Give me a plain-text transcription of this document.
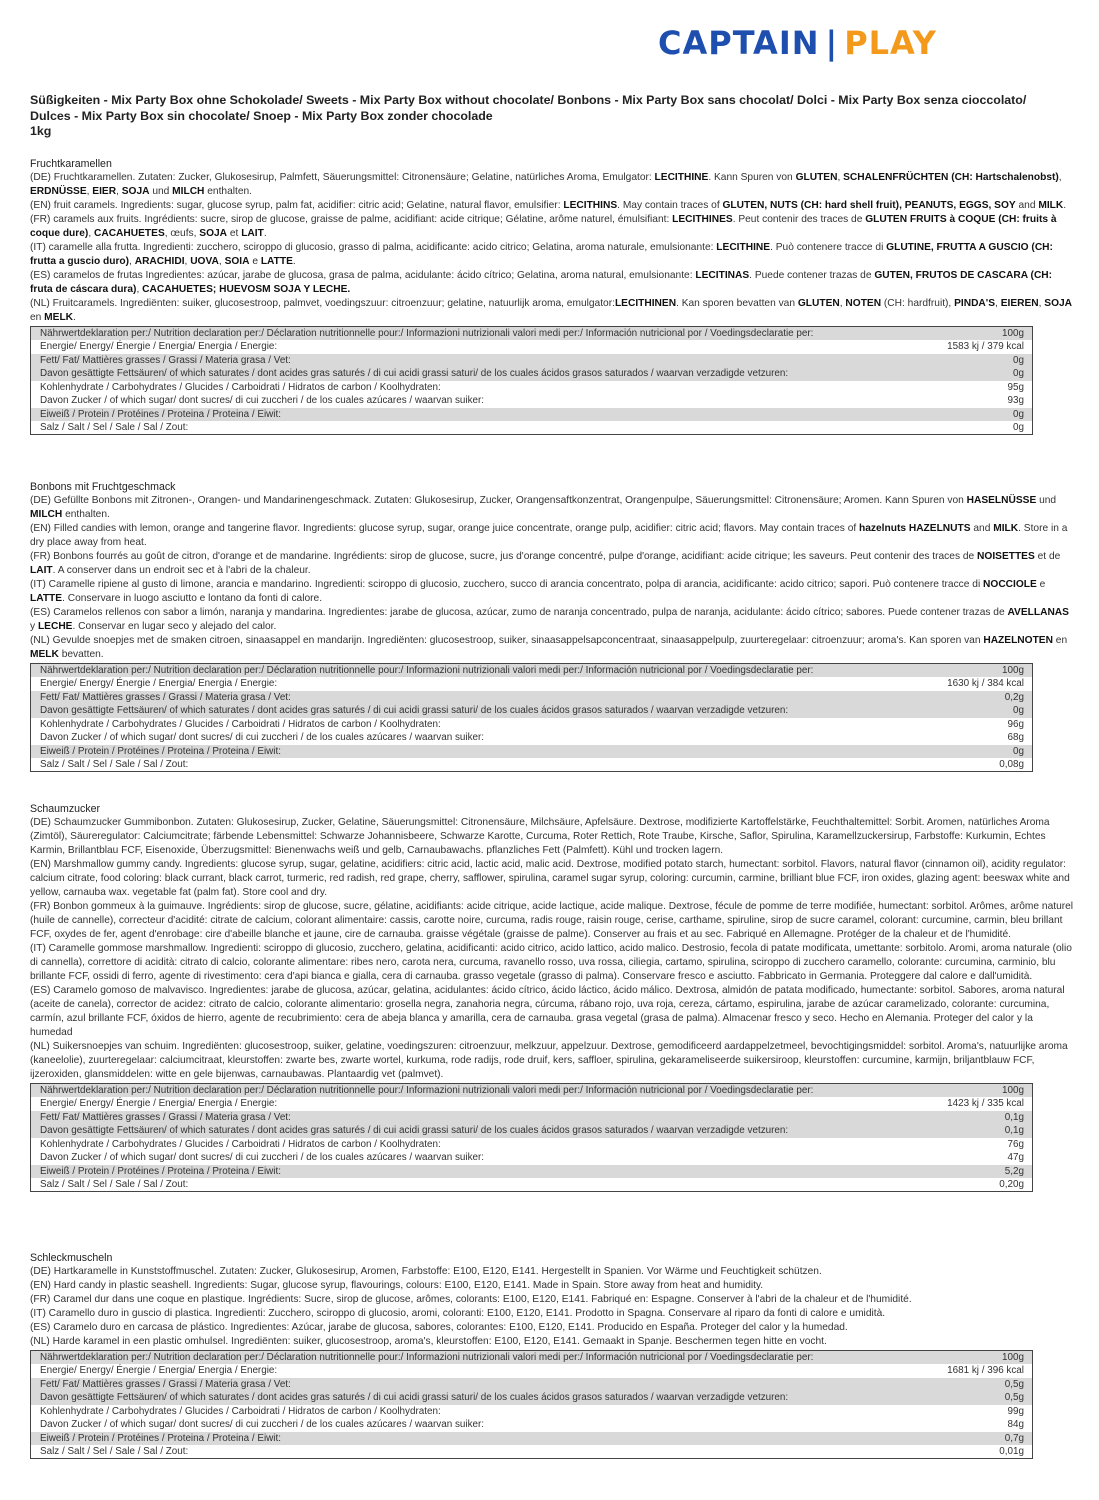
CAPTAIN | PLAY
Süßigkeiten - Mix Party Box ohne Schokolade/ Sweets - Mix Party Box without chocolate/ Bonbons - Mix Party Box sans chocolat/ Dolci - Mix Party Box senza cioccolato/ Dulces - Mix Party Box sin chocolate/ Snoep - Mix Party Box zonder chocolade
1kg
Fruchtkaramellen
(DE) Fruchtkaramellen. Zutaten: Zucker, Glukosesirup, Palmfett, Säuerungsmittel: Citronensäure; Gelatine, natürliches Aroma, Emulgator: LECITHINE. Kann Spuren von GLUTEN, SCHALENFRÜCHTEN (CH: Hartschalenobst), ERDNÜSSE, EIER, SOJA und MILCH enthalten.
(EN) fruit caramels. Ingredients: sugar, glucose syrup, palm fat, acidifier: citric acid; Gelatine, natural flavor, emulsifier: LECITHINS. May contain traces of GLUTEN, NUTS (CH: hard shell fruit), PEANUTS, EGGS, SOY and MILK.
(FR) caramels aux fruits. Ingrédients: sucre, sirop de glucose, graisse de palme, acidifiant: acide citrique; Gélatine, arôme naturel, émulsifiant: LECITHINES. Peut contenir des traces de GLUTEN FRUITS à COQUE (CH: fruits à coque dure), CACAHUETES, œufs, SOJA et LAIT.
(IT) caramelle alla frutta. Ingredienti: zucchero, sciroppo di glucosio, grasso di palma, acidificante: acido citrico; Gelatina, aroma naturale, emulsionante: LECITHINE. Può contenere tracce di GLUTINE, FRUTTA A GUSCIO (CH: frutta a guscio duro), ARACHIDI, UOVA, SOIA e LATTE.
(ES) caramelos de frutas Ingredientes: azúcar, jarabe de glucosa, grasa de palma, acidulante: ácido cítrico; Gelatina, aroma natural, emulsionante: LECITINAS. Puede contener trazas de GUTEN, FRUTOS DE CASCARA (CH: fruta de cáscara dura), CACAHUETES; HUEVOSM SOJA Y LECHE.
(NL) Fruitcaramels. Ingrediënten: suiker, glucosestroop, palmvet, voedingszuur: citroenzuur; gelatine, natuurlijk aroma, emulgator:LECITHINEN. Kan sporen bevatten van GLUTEN, NOTEN (CH: hardfruit), PINDA'S, EIEREN, SOJA en MELK.
Nährwertdeklaration per:/ Nutrition declaration per:/ Déclaration nutritionnelle pour:/ Informazioni nutrizionali valori medi per:/ Información nutricional por / Voedingsdeclaratie per:	100g
Energie/ Energy/ Énergie / Energia/ Energia / Energie:	1583 kj / 379 kcal
Fett/ Fat/ Mattières grasses / Grassi / Materia grasa / Vet:	0g
Davon gesättigte Fettsäuren/ of which saturates / dont acides gras saturés / di cui acidi grassi saturi/ de los cuales ácidos grasos saturados / waarvan verzadigde vetzuren:	0g
Kohlenhydrate / Carbohydrates / Glucides / Carboidrati / Hidratos de carbon / Koolhydraten:	95g
Davon Zucker / of which sugar/ dont sucres/ di cui zuccheri / de los cuales azúcares / waarvan suiker:	93g
Eiweiß / Protein / Protéines / Proteina / Proteina / Eiwit:	0g
Salz / Salt / Sel / Sale / Sal / Zout:	0g
Bonbons mit Fruchtgeschmack
(DE) Gefüllte Bonbons mit Zitronen-, Orangen- und Mandarinengeschmack. Zutaten: Glukosesirup, Zucker, Orangensaftkonzentrat, Orangenpulpe, Säuerungsmittel: Citronensäure; Aromen. Kann Spuren von HASELNÜSSE und MILCH enthalten.
(EN) Filled candies with lemon, orange and tangerine flavor. Ingredients: glucose syrup, sugar, orange juice concentrate, orange pulp, acidifier: citric acid; flavors. May contain traces of hazelnuts HAZELNUTS and MILK. Store in a dry place away from heat.
(FR) Bonbons fourrés au goût de citron, d'orange et de mandarine. Ingrédients: sirop de glucose, sucre, jus d'orange concentré, pulpe d'orange, acidifiant: acide citrique; les saveurs. Peut contenir des traces de NOISETTES et de LAIT. A conserver dans un endroit sec et à l'abri de la chaleur.
(IT) Caramelle ripiene al gusto di limone, arancia e mandarino. Ingredienti: sciroppo di glucosio, zucchero, succo di arancia concentrato, polpa di arancia, acidificante: acido citrico; sapori. Può contenere tracce di NOCCIOLE e LATTE. Conservare in luogo asciutto e lontano da fonti di calore.
(ES) Caramelos rellenos con sabor a limón, naranja y mandarina. Ingredientes: jarabe de glucosa, azúcar, zumo de naranja concentrado, pulpa de naranja, acidulante: ácido cítrico; sabores. Puede contener trazas de AVELLANAS y LECHE. Conservar en lugar seco y alejado del calor.
(NL) Gevulde snoepjes met de smaken citroen, sinaasappel en mandarijn. Ingrediënten: glucosestroop, suiker, sinaasappelsapconcentraat, sinaasappelpulp, zuurteregelaar: citroenzuur; aroma's. Kan sporen van HAZELNOTEN en MELK bevatten.
Nährwertdeklaration per:/ Nutrition declaration per:/ Déclaration nutritionnelle pour:/ Informazioni nutrizionali valori medi per:/ Información nutricional por / Voedingsdeclaratie per:	100g
Energie/ Energy/ Énergie / Energia/ Energia / Energie:	1630 kj / 384 kcal
Fett/ Fat/ Mattières grasses / Grassi / Materia grasa / Vet:	0,2g
Davon gesättigte Fettsäuren/ of which saturates / dont acides gras saturés / di cui acidi grassi saturi/ de los cuales ácidos grasos saturados / waarvan verzadigde vetzuren:	0g
Kohlenhydrate / Carbohydrates / Glucides / Carboidrati / Hidratos de carbon / Koolhydraten:	96g
Davon Zucker / of which sugar/ dont sucres/ di cui zuccheri / de los cuales azúcares / waarvan suiker:	68g
Eiweiß / Protein / Protéines / Proteina / Proteina / Eiwit:	0g
Salz / Salt / Sel / Sale / Sal / Zout:	0,08g
Schaumzucker
(DE) Schaumzucker Gummibonbon. Zutaten: Glukosesirup, Zucker, Gelatine, Säuerungsmittel: Citronensäure, Milchsäure, Apfelsäure. Dextrose, modifizierte Kartoffelstärke, Feuchthaltemittel: Sorbit. Aromen, natürliches Aroma (Zimtöl), Säureregulator: Calciumcitrate; färbende Lebensmittel: Schwarze Johannisbeere, Schwarze Karotte, Curcuma, Roter Rettich, Rote Traube, Kirsche, Saflor, Spirulina, Karamellzuckersirup, Farbstoffe: Kurkumin, Echtes Karmin, Brillantblau FCF, Eisenoxide, Überzugsmittel: Bienenwachs weiß und gelb, Carnaubawachs. pflanzliches Fett (Palmfett). Kühl und trocken lagern.
(EN) Marshmallow gummy candy. Ingredients: glucose syrup, sugar, gelatine, acidifiers: citric acid, lactic acid, malic acid. Dextrose, modified potato starch, humectant: sorbitol. Flavors, natural flavor (cinnamon oil), acidity regulator: calcium citrate, food coloring: black currant, black carrot, turmeric, red radish, red grape, cherry, safflower, spirulina, caramel sugar syrup, coloring: curcumin, carmine, brilliant blue FCF, iron oxides, glazing agent: beeswax white and yellow, carnauba wax. vegetable fat (palm fat). Store cool and dry.
(FR) Bonbon gommeux à la guimauve. Ingrédients: sirop de glucose, sucre, gélatine, acidifiants: acide citrique, acide lactique, acide malique. Dextrose, fécule de pomme de terre modifiée, humectant: sorbitol. Arômes, arôme naturel (huile de cannelle), correcteur d'acidité: citrate de calcium, colorant alimentaire: cassis, carotte noire, curcuma, radis rouge, raisin rouge, cerise, carthame, spiruline, sirop de sucre caramel, colorant: curcumine, carmin, bleu brillant FCF, oxydes de fer, agent d'enrobage: cire d'abeille blanche et jaune, cire de carnauba. graisse végétale (graisse de palme). Conserver au frais et au sec. Fabriqué en Allemagne. Protéger de la chaleur et de l'humidité.
(IT) Caramelle gommose marshmallow. Ingredienti: sciroppo di glucosio, zucchero, gelatina, acidificanti: acido citrico, acido lattico, acido malico. Destrosio, fecola di patate modificata, umettante: sorbitolo. Aromi, aroma naturale (olio di cannella), correttore di acidità: citrato di calcio, colorante alimentare: ribes nero, carota nera, curcuma, ravanello rosso, uva rossa, ciliegia, cartamo, spirulina, sciroppo di zucchero caramello, colorante: curcumina, carminio, blu brillante FCF, ossidi di ferro, agente di rivestimento: cera d'api bianca e gialla, cera di carnauba. grasso vegetale (grasso di palma). Conservare fresco e asciutto. Fabbricato in Germania. Proteggere dal calore e dall'umidità.
(ES) Caramelo gomoso de malvavisco. Ingredientes: jarabe de glucosa, azúcar, gelatina, acidulantes: ácido cítrico, ácido láctico, ácido málico. Dextrosa, almidón de patata modificado, humectante: sorbitol. Sabores, aroma natural (aceite de canela), corrector de acidez: citrato de calcio, colorante alimentario: grosella negra, zanahoria negra, cúrcuma, rábano rojo, uva roja, cereza, cártamo, espirulina, jarabe de azúcar caramelizado, colorante: curcumina, carmín, azul brillante FCF, óxidos de hierro, agente de recubrimiento: cera de abeja blanca y amarilla, cera de carnauba. grasa vegetal (grasa de palma). Almacenar fresco y seco. Hecho en Alemania. Proteger del calor y la humedad
(NL) Suikersnoepjes van schuim. Ingrediënten: glucosestroop, suiker, gelatine, voedingszuren: citroenzuur, melkzuur, appelzuur. Dextrose, gemodificeerd aardappelzetmeel, bevochtigingsmiddel: sorbitol. Aroma's, natuurlijke aroma (kaneelolie), zuurteregelaar: calciumcitraat, kleurstoffen: zwarte bes, zwarte wortel, kurkuma, rode radijs, rode druif, kers, saffloer, spirulina, gekarameliseerde suikersiroop, kleurstoffen: curcumine, karmijn, briljantblauw FCF, ijzeroxiden, glansmiddelen: witte en gele bijenwas, carnaubawas. Plantaardig vet (palmvet).
Nährwertdeklaration per:/ Nutrition declaration per:/ Déclaration nutritionnelle pour:/ Informazioni nutrizionali valori medi per:/ Información nutricional por / Voedingsdeclaratie per:	100g
Energie/ Energy/ Énergie / Energia/ Energia / Energie:	1423 kj / 335 kcal
Fett/ Fat/ Mattières grasses / Grassi / Materia grasa / Vet:	0,1g
Davon gesättigte Fettsäuren/ of which saturates / dont acides gras saturés / di cui acidi grassi saturi/ de los cuales ácidos grasos saturados / waarvan verzadigde vetzuren:	0,1g
Kohlenhydrate / Carbohydrates / Glucides / Carboidrati / Hidratos de carbon / Koolhydraten:	76g
Davon Zucker / of which sugar/ dont sucres/ di cui zuccheri / de los cuales azúcares / waarvan suiker:	47g
Eiweiß / Protein / Protéines / Proteina / Proteina / Eiwit:	5,2g
Salz / Salt / Sel / Sale / Sal / Zout:	0,20g
Schleckmuscheln
(DE) Hartkaramelle in Kunststoffmuschel. Zutaten: Zucker, Glukosesirup, Aromen, Farbstoffe: E100, E120, E141. Hergestellt in Spanien. Vor Wärme und Feuchtigkeit schützen.
(EN) Hard candy in plastic seashell. Ingredients: Sugar, glucose syrup, flavourings, colours: E100, E120, E141. Made in Spain. Store away from heat and humidity.
(FR) Caramel dur dans une coque en plastique. Ingrédients: Sucre, sirop de glucose, arômes, colorants: E100, E120, E141. Fabriqué en: Espagne. Conserver à l'abri de la chaleur et de l'humidité.
(IT) Caramello duro in guscio di plastica. Ingredienti: Zucchero, sciroppo di glucosio, aromi, coloranti: E100, E120, E141. Prodotto in Spagna. Conservare al riparo da fonti di calore e umidità.
(ES) Caramelo duro en carcasa de plástico. Ingredientes: Azúcar, jarabe de glucosa, sabores, colorantes: E100, E120, E141. Producido en España. Proteger del calor y la humedad.
(NL) Harde karamel in een plastic omhulsel. Ingrediënten: suiker, glucosestroop, aroma's, kleurstoffen: E100, E120, E141. Gemaakt in Spanje. Beschermen tegen hitte en vocht.
Nährwertdeklaration per:/ Nutrition declaration per:/ Déclaration nutritionnelle pour:/ Informazioni nutrizionali valori medi per:/ Información nutricional por / Voedingsdeclaratie per:	100g
Energie/ Energy/ Énergie / Energia/ Energia / Energie:	1681 kj / 396 kcal
Fett/ Fat/ Mattières grasses / Grassi / Materia grasa / Vet:	0,5g
Davon gesättigte Fettsäuren/ of which saturates / dont acides gras saturés / di cui acidi grassi saturi/ de los cuales ácidos grasos saturados / waarvan verzadigde vetzuren:	0,5g
Kohlenhydrate / Carbohydrates / Glucides / Carboidrati / Hidratos de carbon / Koolhydraten:	99g
Davon Zucker / of which sugar/ dont sucres/ di cui zuccheri / de los cuales azúcares / waarvan suiker:	84g
Eiweiß / Protein / Protéines / Proteina / Proteina / Eiwit:	0,7g
Salz / Salt / Sel / Sale / Sal / Zout:	0,01g
